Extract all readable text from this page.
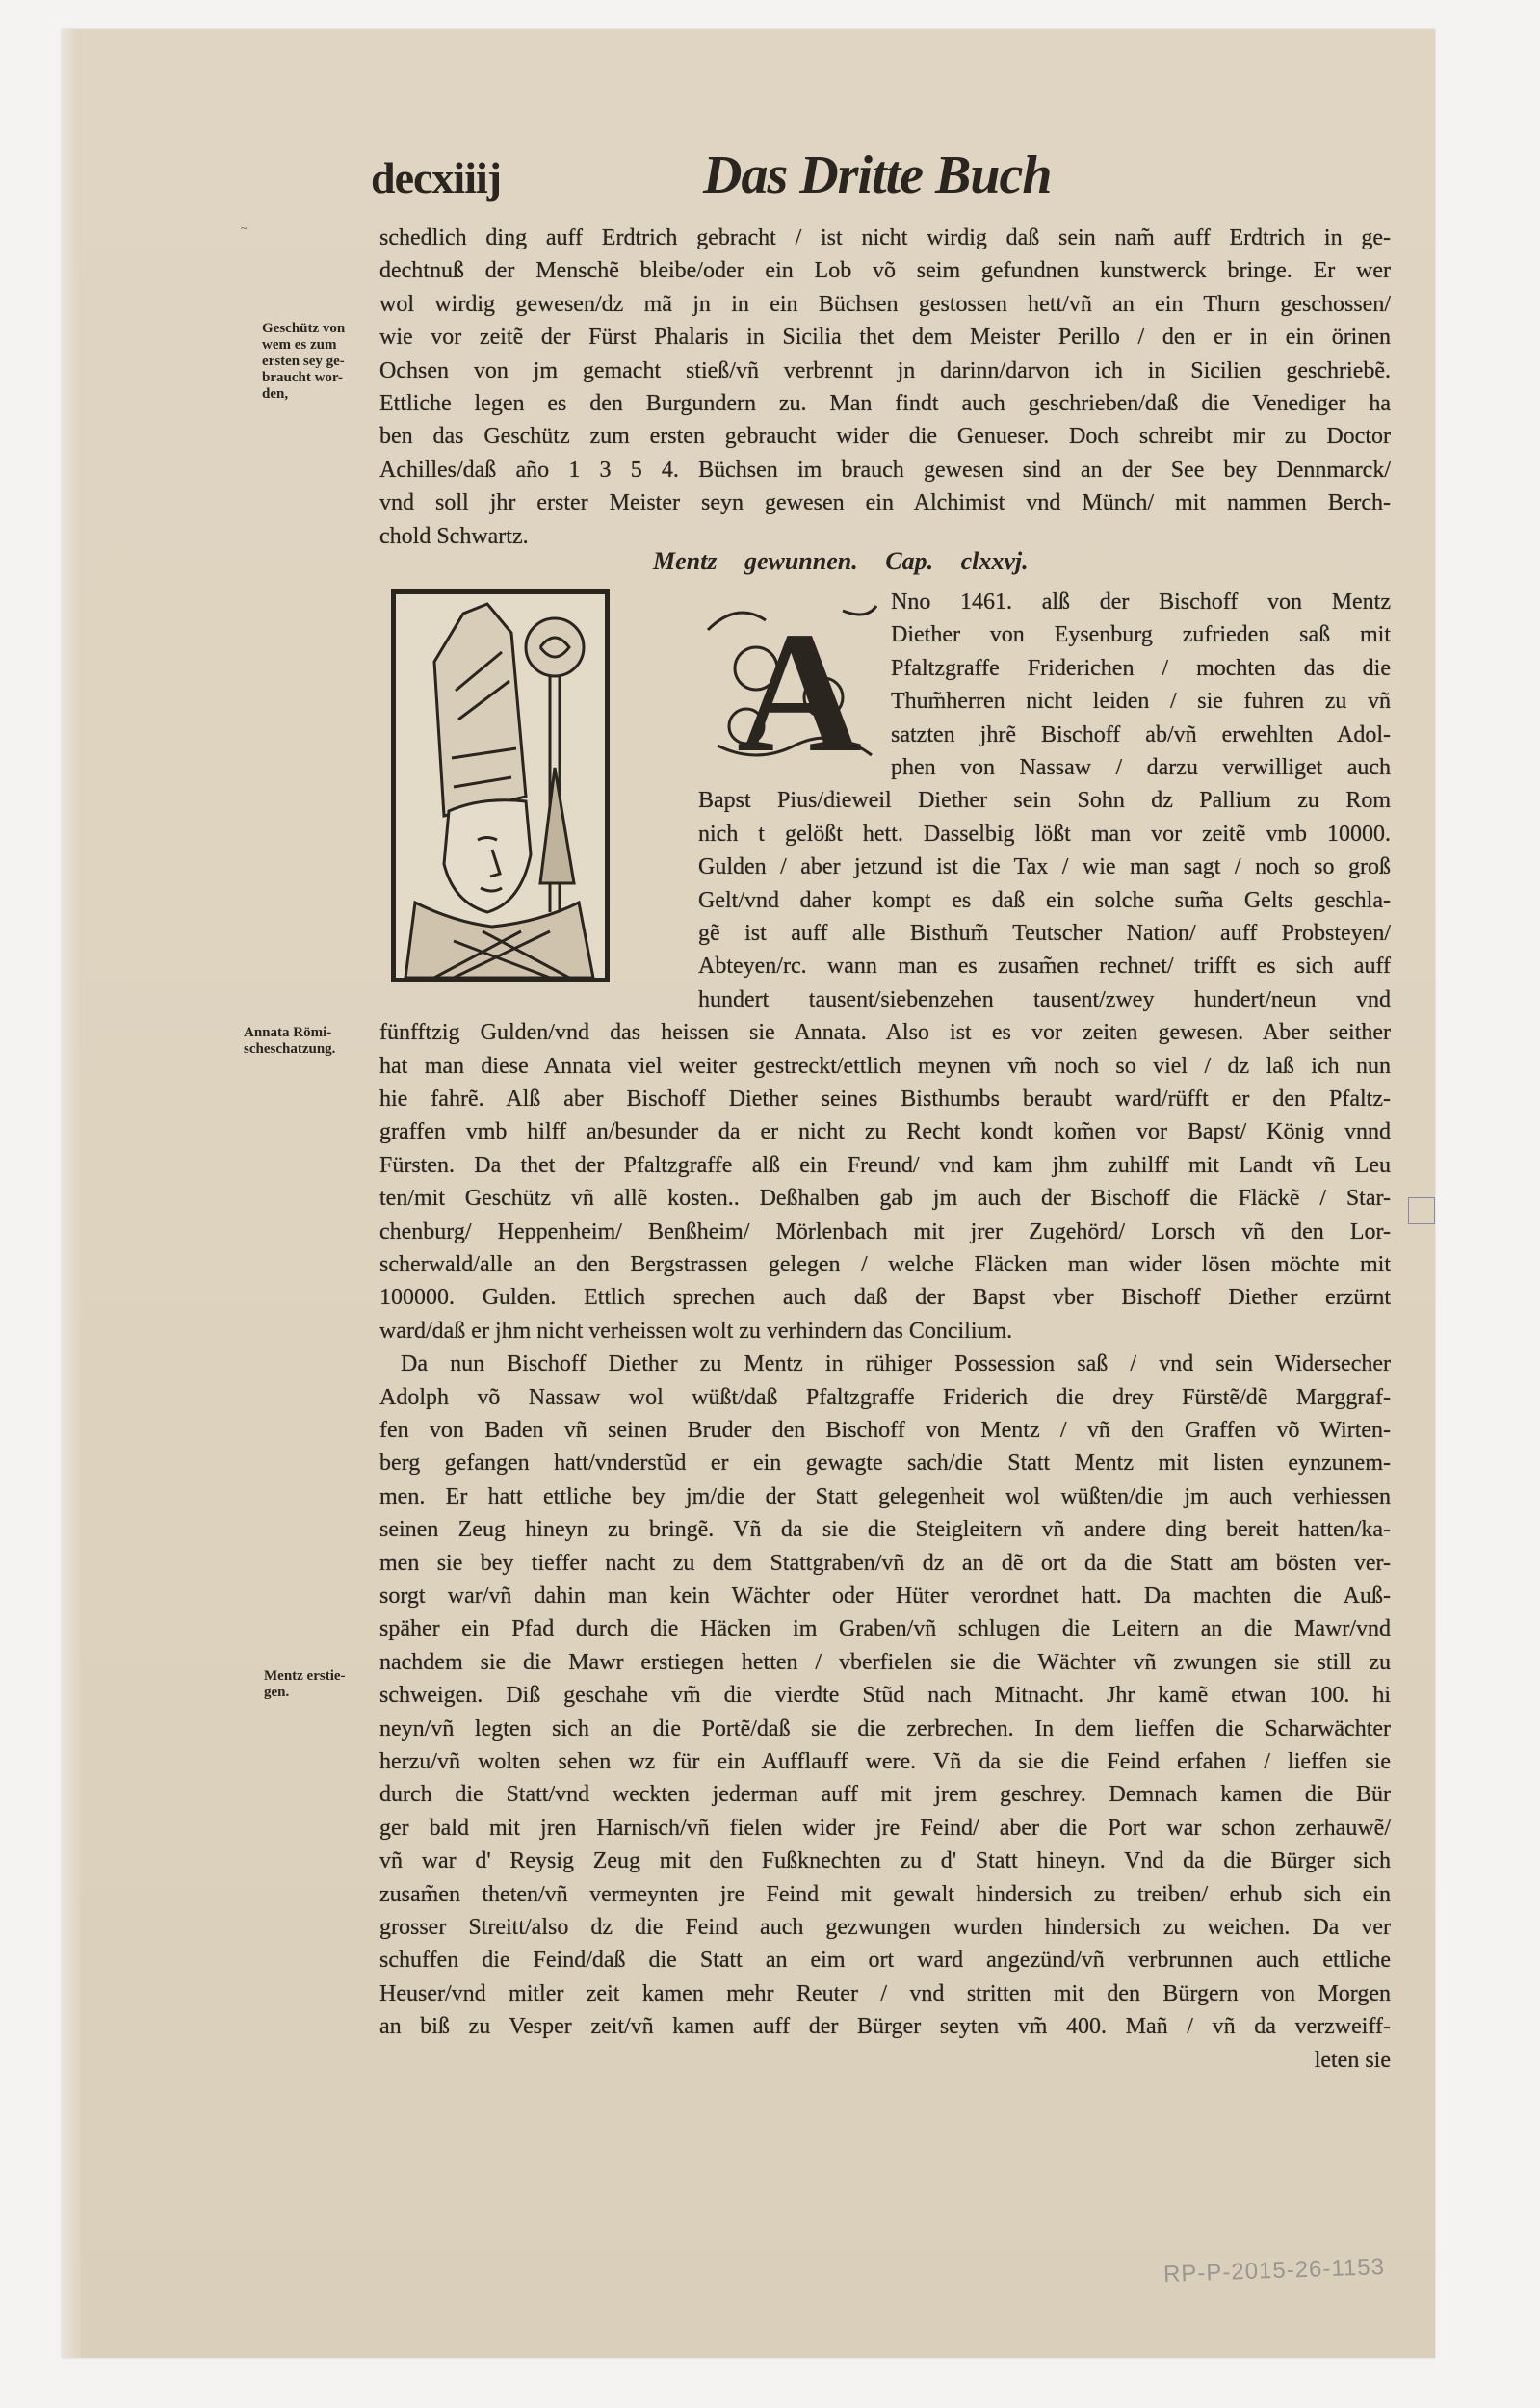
~
decxiiij	Das Dritte Buch
schedlich ding auff Erdtrich gebracht / ist nicht wirdig daß sein nam̃ auff Erdtrich in ge-
dechtnuß der Menschẽ bleibe/oder ein Lob võ seim gefundnen kunstwerck bringe. Er wer
wol wirdig gewesen/dz mã jn in ein Büchsen gestossen hett/vñ an ein Thurn geschossen/
wie vor zeitẽ der Fürst Phalaris in Sicilia thet dem Meister Perillo / den er in ein örinen
Ochsen von jm gemacht stieß/vñ verbrennt jn darinn/darvon ich in Sicilien geschriebẽ.
Ettliche legen es den Burgundern zu. Man findt auch geschrieben/daß die Venediger ha
ben das Geschütz zum ersten gebraucht wider die Genueser. Doch schreibt mir zu Doctor
Achilles/daß año 1 3 5 4. Büchsen im brauch gewesen sind an der See bey Dennmarck/
vnd soll jhr erster Meister seyn gewesen ein Alchimist vnd Münch/ mit nammen Berch-
chold Schwartz.
Mentz gewunnen. Cap. clxxvj.
A Nno 1461. alß der Bischoff von Mentz
Diether von Eysenburg zufrieden saß mit
Pfaltzgraffe Friderichen / mochten das die
Thum̃herren nicht leiden / sie fuhren zu vñ
satzten jhrẽ Bischoff ab/vñ erwehlten Adol-
phen von Nassaw / darzu verwilliget auch
Bapst Pius/dieweil Diether sein Sohn dz Pallium zu Rom
nich t gelößt hett. Dasselbig lößt man vor zeitẽ vmb 10000.
Gulden / aber jetzund ist die Tax / wie man sagt / noch so groß
Gelt/vnd daher kompt es daß ein solche sum̃a Gelts geschla-
gẽ ist auff alle Bisthum̃ Teutscher Nation/ auff Probsteyen/
Abteyen/rc. wann man es zusam̃en rechnet/ trifft es sich auff
hundert tausent/siebenzehen tausent/zwey hundert/neun vnd
fünfftzig Gulden/vnd das heissen sie Annata. Also ist es vor zeiten gewesen. Aber seither
hat man diese Annata viel weiter gestreckt/ettlich meynen vm̃ noch so viel / dz laß ich nun
hie fahrẽ. Alß aber Bischoff Diether seines Bisthumbs beraubt ward/rüfft er den Pfaltz-
graffen vmb hilff an/besunder da er nicht zu Recht kondt kom̃en vor Bapst/ König vnnd
Fürsten. Da thet der Pfaltzgraffe alß ein Freund/ vnd kam jhm zuhilff mit Landt vñ Leu
ten/mit Geschütz vñ allẽ kosten.. Deßhalben gab jm auch der Bischoff die Fläckẽ / Star-
chenburg/ Heppenheim/ Benßheim/ Mörlenbach mit jrer Zugehörd/ Lorsch vñ den Lor-
scherwald/alle an den Bergstrassen gelegen / welche Fläcken man wider lösen möchte mit
100000. Gulden. Ettlich sprechen auch daß der Bapst vber Bischoff Diether erzürnt
ward/daß er jhm nicht verheissen wolt zu verhindern das Concilium.
Da nun Bischoff Diether zu Mentz in rühiger Possession saß / vnd sein Widersecher
Adolph võ Nassaw wol wüßt/daß Pfaltzgraffe Friderich die drey Fürstẽ/dẽ Marggraf-
fen von Baden vñ seinen Bruder den Bischoff von Mentz / vñ den Graffen võ Wirten-
berg gefangen hatt/vnderstũd er ein gewagte sach/die Statt Mentz mit listen eynzunem-
men. Er hatt ettliche bey jm/die der Statt gelegenheit wol wüßten/die jm auch verhiessen
seinen Zeug hineyn zu bringẽ. Vñ da sie die Steigleitern vñ andere ding bereit hatten/ka-
men sie bey tieffer nacht zu dem Stattgraben/vñ dz an dẽ ort da die Statt am bösten ver-
sorgt war/vñ dahin man kein Wächter oder Hüter verordnet hatt. Da machten die Auß-
späher ein Pfad durch die Häcken im Graben/vñ schlugen die Leitern an die Mawr/vnd
nachdem sie die Mawr erstiegen hetten / vberfielen sie die Wächter vñ zwungen sie still zu
schweigen. Diß geschahe vm̃ die vierdte Stũd nach Mitnacht. Jhr kamẽ etwan 100. hi
neyn/vñ legten sich an die Portẽ/daß sie die zerbrechen. In dem lieffen die Scharwächter
herzu/vñ wolten sehen wz für ein Aufflauff were. Vñ da sie die Feind erfahen / lieffen sie
durch die Statt/vnd weckten jederman auff mit jrem geschrey. Demnach kamen die Bür
ger bald mit jren Harnisch/vñ fielen wider jre Feind/ aber die Port war schon zerhauwẽ/
vñ war d' Reysig Zeug mit den Fußknechten zu d' Statt hineyn. Vnd da die Bürger sich
zusam̃en theten/vñ vermeynten jre Feind mit gewalt hindersich zu treiben/ erhub sich ein
grosser Streitt/also dz die Feind auch gezwungen wurden hindersich zu weichen. Da ver
schuffen die Feind/daß die Statt an eim ort ward angezünd/vñ verbrunnen auch ettliche
Heuser/vnd mitler zeit kamen mehr Reuter / vnd stritten mit den Bürgern von Morgen
an biß zu Vesper zeit/vñ kamen auff der Bürger seyten vm̃ 400. Mañ / vñ da verzweiff-
leten sie
Geschütz von
wem es zum
ersten sey ge-
braucht wor-
den,
Annata Römi-
scheschatzung.
Mentz erstie-
gen.
RP-P-2015-26-1153
